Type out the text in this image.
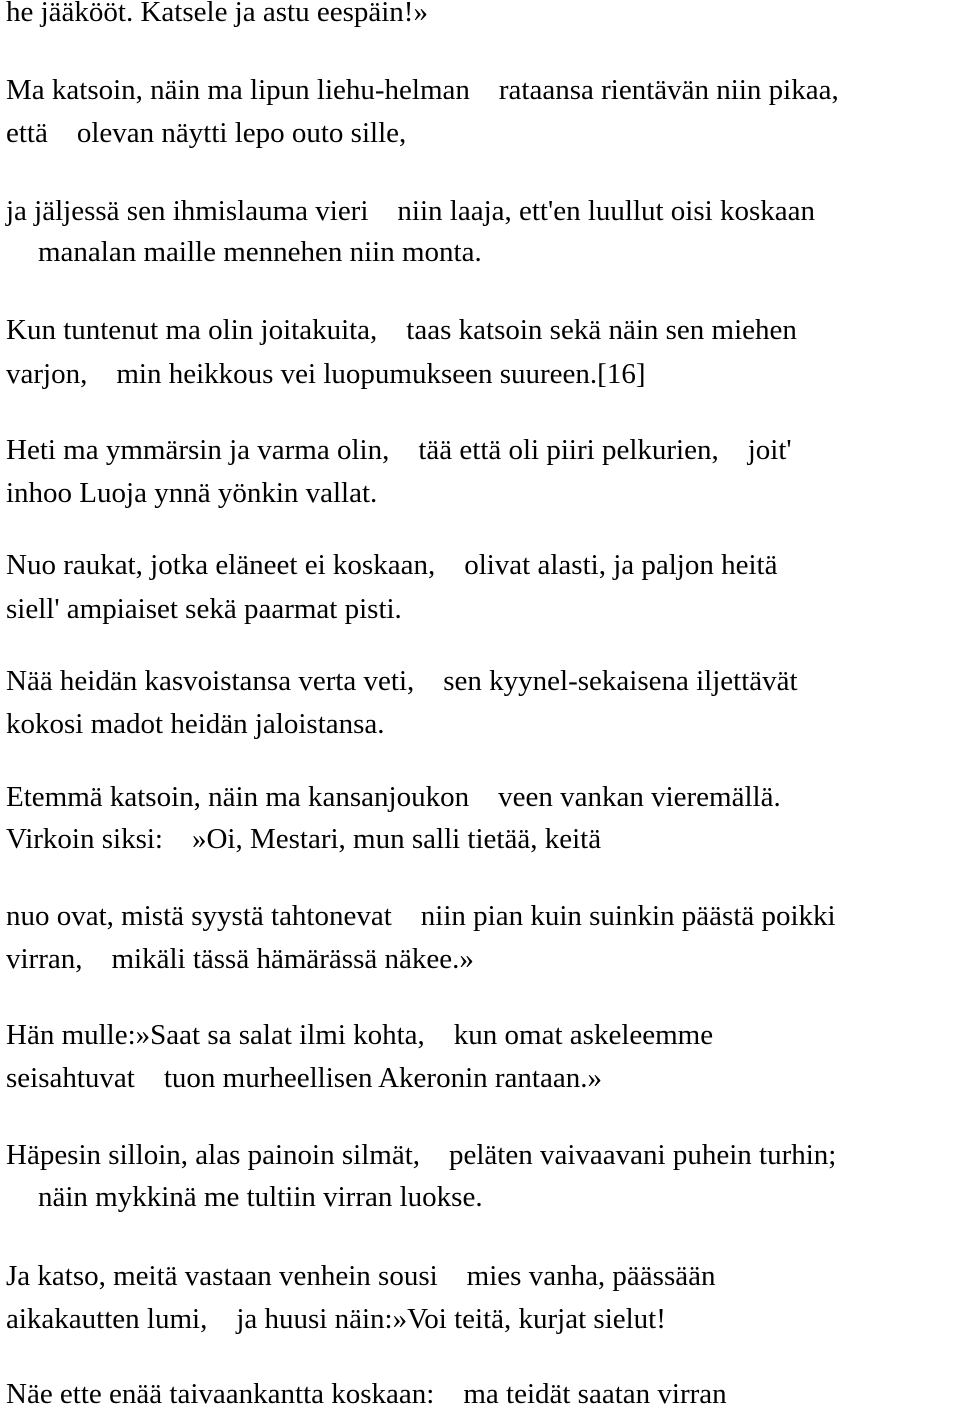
he jääkööt. Katsele ja astu eespäin!»

Ma katsoin, näin ma lipun liehu-helman    rataansa rientävän niin pikaa,

että    olevan näytti lepo outo sille,

ja jäljessä sen ihmislauma vieri    niin laaja, ett'en luullut oisi koskaan

manalan maille mennehen niin monta.

Kun tuntenut ma olin joitakuita,    taas katsoin sekä näin sen miehen

varjon,    min heikkous vei luopumukseen suureen.[16]

Heti ma ymmärsin ja varma olin,    tää että oli piiri pelkurien,    joit'

inhoo Luoja ynnä yönkin vallat.

Nuo raukat, jotka eläneet ei koskaan,    olivat alasti, ja paljon heitä

siell' ampiaiset sekä paarmat pisti.

Nää heidän kasvoistansa verta veti,    sen kyynel-sekaisena iljettävät

kokosi madot heidän jaloistansa.

Etemmä katsoin, näin ma kansanjoukon    veen vankan vieremällä.

Virkoin siksi:    »Oi, Mestari, mun salli tietää, keitä

nuo ovat, mistä syystä tahtonevat    niin pian kuin suinkin päästä poikki

virran,    mikäli tässä hämärässä näkee.»

Hän mulle:»Saat sa salat ilmi kohta,    kun omat askeleemme

seisahtuvat    tuon murheellisen Akeronin rantaan.»

Häpesin silloin, alas painoin silmät,    peläten vaivaavani puhein turhin;

näin mykkinä me tultiin virran luokse.

Ja katso, meitä vastaan venhein sousi    mies vanha, päässään

aikakautten lumi,    ja huusi näin:»Voi teitä, kurjat sielut!

Näe ette enää taivaankantta koskaan:    ma teidät saatan virran
